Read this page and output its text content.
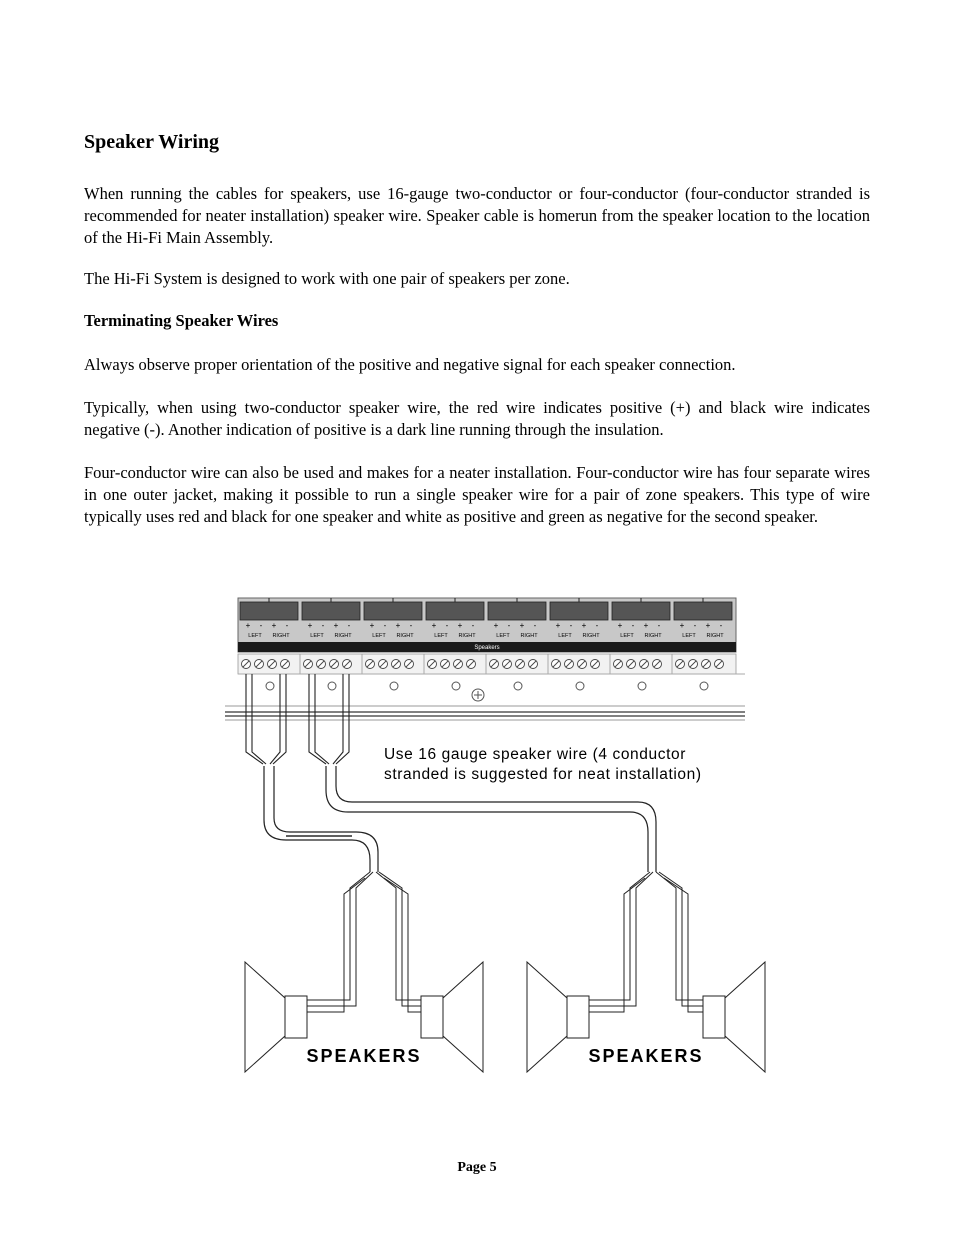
Speaker Wiring

When running the cables for speakers, use 16-gauge two-conductor or four-conductor (four-conductor stranded is recommended for neater installation) speaker wire. Speaker cable is homerun from the speaker location to the location of the Hi-Fi Main Assembly.

The Hi-Fi System is designed to work with one pair of speakers per zone.

Terminating Speaker Wires

Always observe proper orientation of the positive and negative signal for each speaker connection.

Typically, when using two-conductor speaker wire, the red wire indicates positive (+) and black wire indicates negative (-). Another indication of positive is a dark line running through the insulation.

Four-conductor wire can also be used and makes for a neater installation. Four-conductor wire has four separate wires in one outer jacket, making it possible to run a single speaker wire for a pair of zone speakers. This type of wire typically uses red and black for one speaker and white as positive and green as negative for the second speaker.

+ - + -
LEFT RIGHT
+ - + -
LEFT RIGHT
+ - + -
LEFT RIGHT
+ - + -
LEFT RIGHT
+ - + -
LEFT RIGHT
+ - + -
LEFT RIGHT
+ - + -
LEFT RIGHT
+ - + -
LEFT RIGHT
Speakers
Use 16 gauge speaker wire (4 conductor
stranded is suggested for neat installation)
SPEAKERS	SPEAKERS
Page 5
